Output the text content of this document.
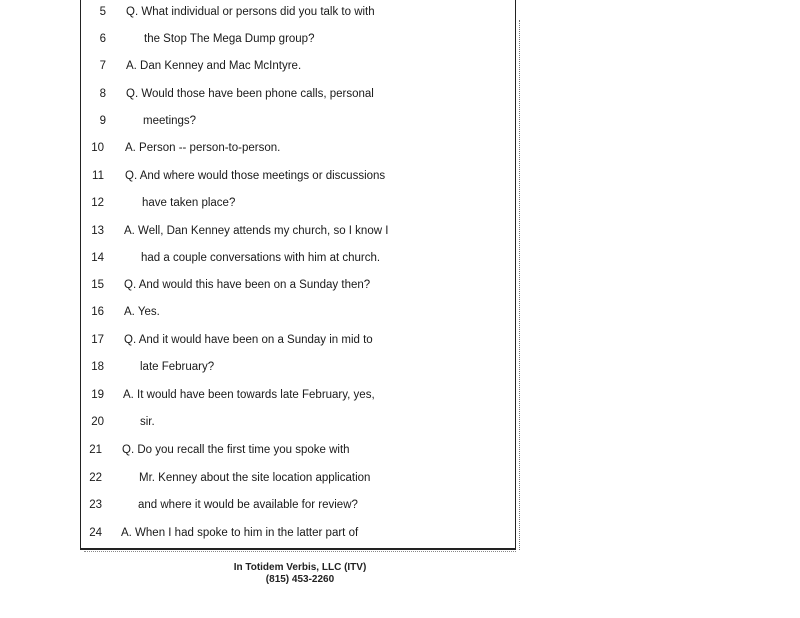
5 Q. What individual or persons did you talk to with
6	the Stop The Mega Dump group?
7 A. Dan Kenney and Mac McIntyre.
8 Q. Would those have been phone calls, personal
9	meetings?
10 A. Person -- person-to-person.
11 Q. And where would those meetings or discussions
12	have taken place?
13 A. Well, Dan Kenney attends my church, so I know I
14	had a couple conversations with him at church.
15 Q. And would this have been on a Sunday then?
16 A. Yes.
17 Q. And it would have been on a Sunday in mid to
18	late February?
19 A. It would have been towards late February, yes,
20	sir.
21 Q. Do you recall the first time you spoke with
22	Mr. Kenney about the site location application
23	and where it would be available for review?
24 A. When I had spoke to him in the latter part of
In Totidem Verbis, LLC (ITV)
(815) 453-2260
